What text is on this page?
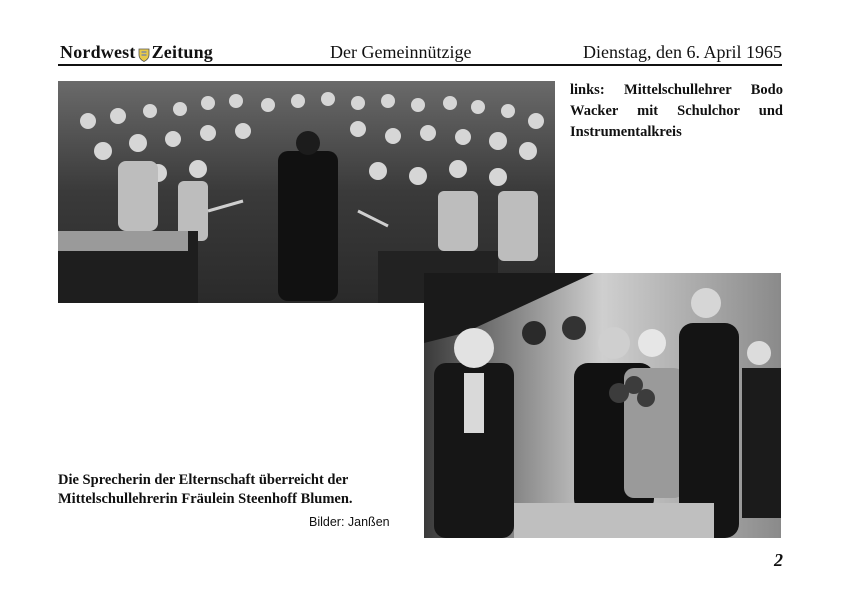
Nordwest Zeitung	Der Gemeinnützige	Dienstag, den 6. April 1965
links: Mittelschullehrer Bodo Wacker mit Schulchor und Instrumentalkreis
Die Sprecherin der Elternschaft überreicht der Mittelschullehrerin Fräulein Steenhoff Blumen.
Bilder: Janßen
2
